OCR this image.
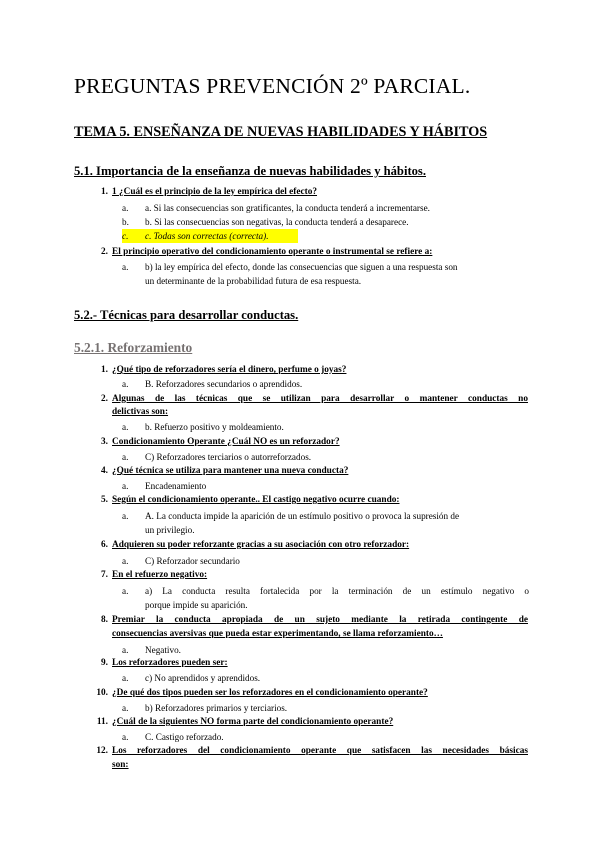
PREGUNTAS PREVENCIÓN 2º PARCIAL.
TEMA 5. ENSEÑANZA DE NUEVAS HABILIDADES Y HÁBITOS
5.1. Importancia de la enseñanza de nuevas habilidades y hábitos.
1. 1 ¿Cuál es el principio de la ley empírica del efecto?
a.	a. Si las consecuencias son gratificantes, la conducta tenderá a incrementarse.
b.	b. Si las consecuencias son negativas, la conducta tenderá a desaparece.
c.	c. Todas son correctas (correcta).
2. El principio operativo del condicionamiento operante o instrumental se refiere a:
a.	b) la ley empírica del efecto, donde las consecuencias que siguen a una respuesta son
un determinante de la probabilidad futura de esa respuesta.
5.2.- Técnicas para desarrollar conductas.
5.2.1. Reforzamiento
1. ¿Qué tipo de reforzadores sería el dinero, perfume o joyas?
a.	B. Reforzadores secundarios o aprendidos.
2. Algunas de las técnicas que se utilizan para desarrollar o mantener conductas no
delictivas son:
a.	b. Refuerzo positivo y moldeamiento.
3. Condicionamiento Operante ¿Cuál NO es un reforzador?
a.	C) Reforzadores terciarios o autorreforzados.
4. ¿Qué técnica se utiliza para mantener una nueva conducta?
a.	Encadenamiento
5. Según el condicionamiento operante.. El castigo negativo ocurre cuando:
a.	A. La conducta impide la aparición de un estímulo positivo o provoca la supresión de
un privilegio.
6. Adquieren su poder reforzante gracias a su asociación con otro reforzador:
a.	C) Reforzador secundario
7. En el refuerzo negativo:
a.	a) La conducta resulta fortalecida por la terminación de un estímulo negativo o
porque impide su aparición.
8. Premiar la conducta apropiada de un sujeto mediante la retirada contingente de
consecuencias aversivas que pueda estar experimentando, se llama reforzamiento…
a.	Negativo.
9. Los reforzadores pueden ser:
a.	c) No aprendidos y aprendidos.
10. ¿De qué dos tipos pueden ser los reforzadores en el condicionamiento operante?
a.	b) Reforzadores primarios y terciarios.
11. ¿Cuál de la siguientes NO forma parte del condicionamiento operante?
a.	C. Castigo reforzado.
12. Los reforzadores del condicionamiento operante que satisfacen las necesidades básicas
son:
